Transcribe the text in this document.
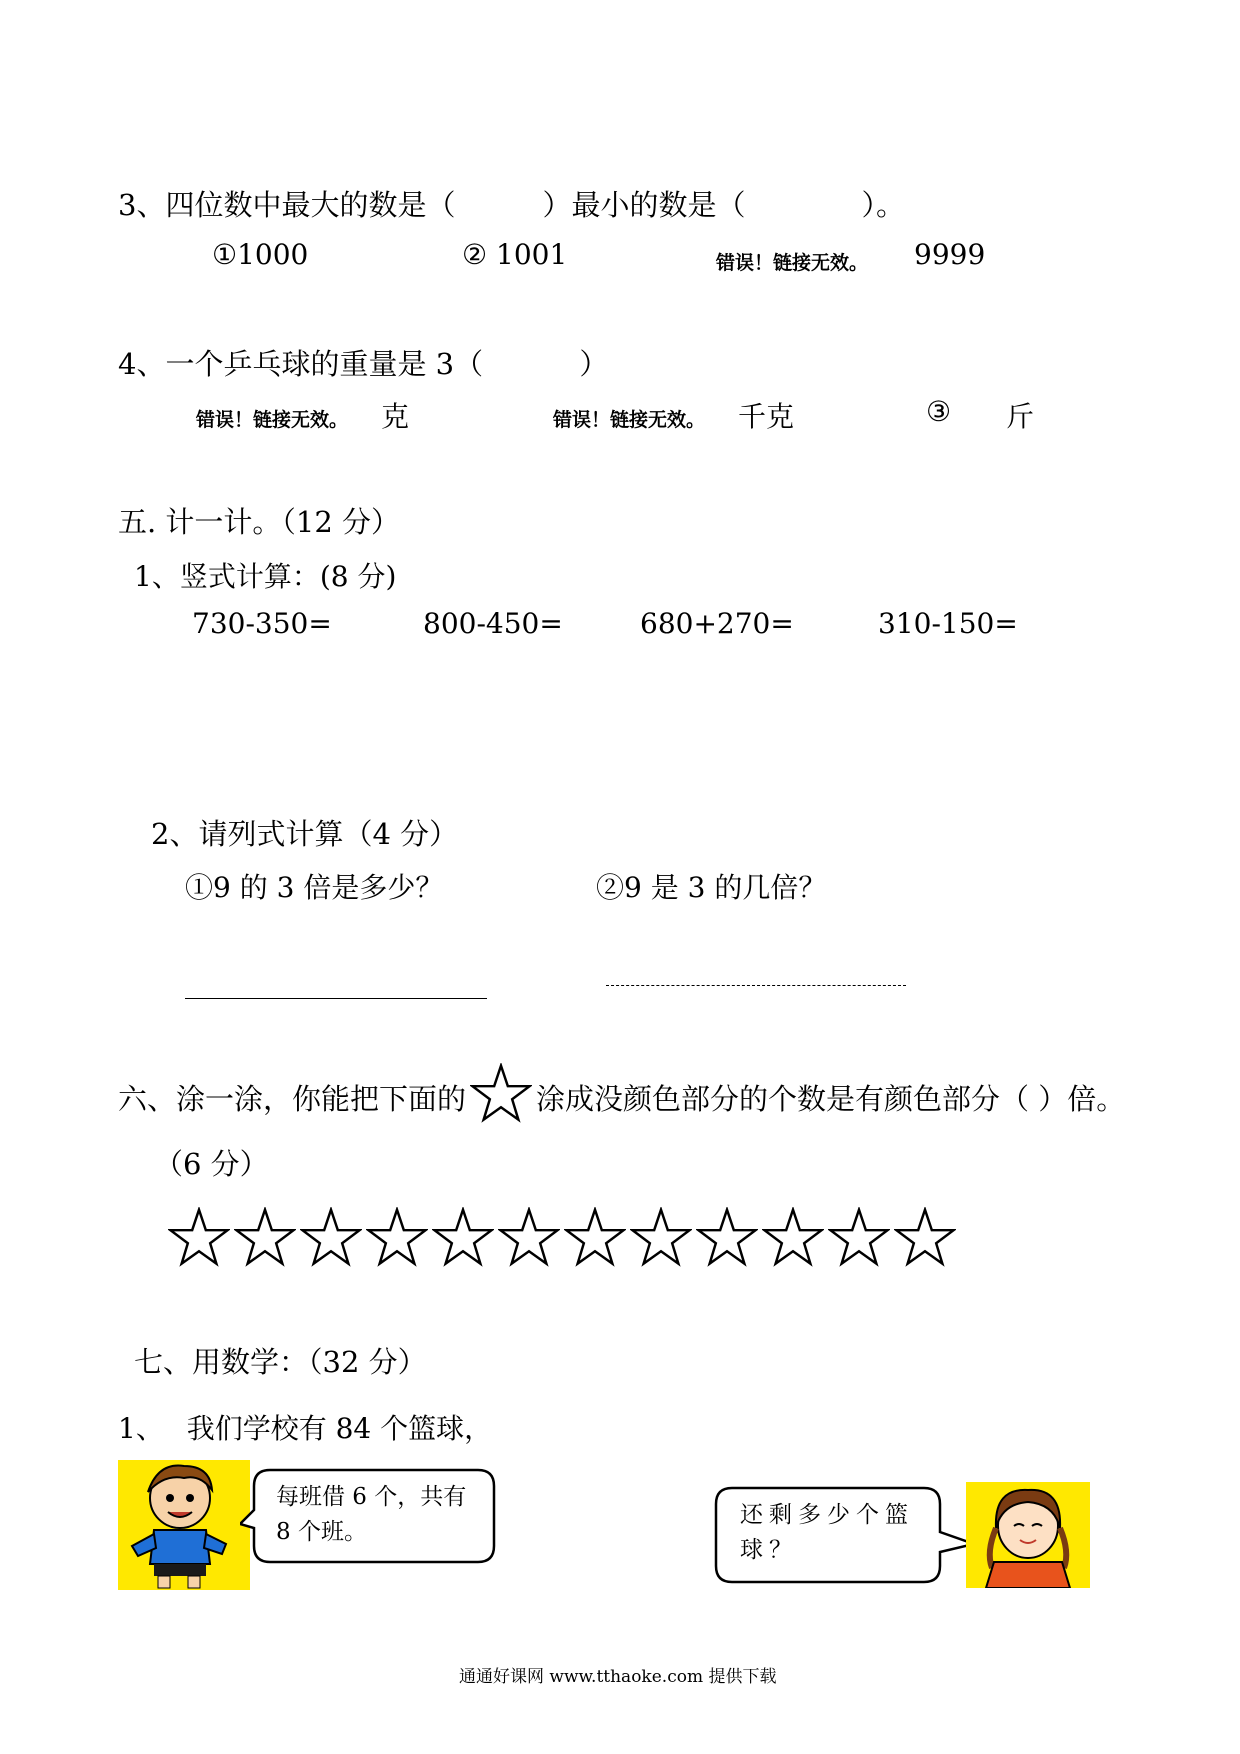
3、四位数中最大的数是（　　　）最小的数是（　　　　）。
①1000	② 1001	错误！链接无效。 9999
4、一个乒乓球的重量是 3（　　　 ）
错误！链接无效。 克	错误！链接无效。 千克	③ 斤
五. 计一计。（12 分）
1、竖式计算：(8 分)
730-350=	800-450=	680+270=	310-150=
2、请列式计算（4 分）
①9 的 3 倍是多少？	②9 是 3 的几倍？
六、涂一涂，你能把下面的 涂成没颜色部分的个数是有颜色部分（ ）倍。
（6 分）
七、用数学：（32 分）
1、　 我们学校有 84 个篮球，
每班借 6 个，共有 8 个班。
还剩多少个篮球？
通通好课网 www.tthaoke.com 提供下载
